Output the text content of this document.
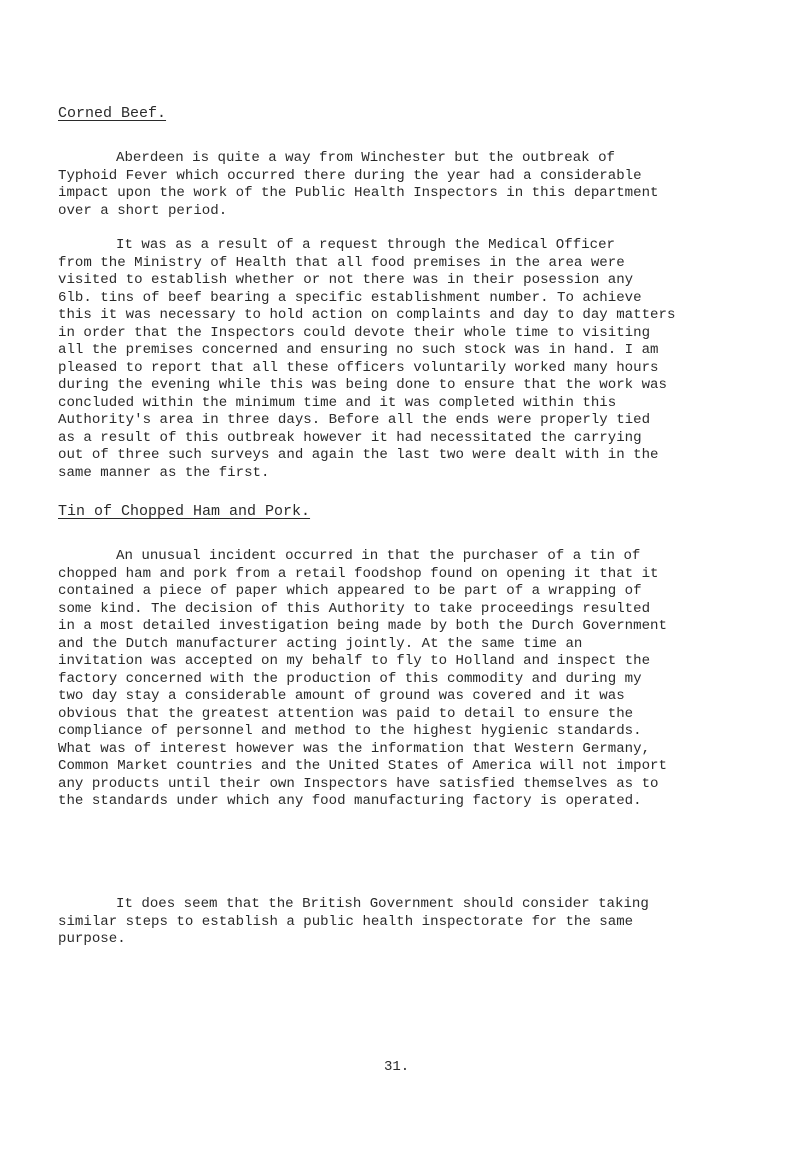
Corned Beef.

Aberdeen is quite a way from Winchester but the outbreak of
Typhoid Fever which occurred there during the year had a considerable
impact upon the work of the Public Health Inspectors in this department
over a short period.

It was as a result of a request through the Medical Officer
from the Ministry of Health that all food premises in the area were
visited to establish whether or not there was in their posession any
6lb. tins of beef bearing a specific establishment number. To achieve
this it was necessary to hold action on complaints and day to day matters
in order that the Inspectors could devote their whole time to visiting
all the premises concerned and ensuring no such stock was in hand. I am
pleased to report that all these officers voluntarily worked many hours
during the evening while this was being done to ensure that the work was
concluded within the minimum time and it was completed within this
Authority's area in three days. Before all the ends were properly tied
as a result of this outbreak however it had necessitated the carrying
out of three such surveys and again the last two were dealt with in the
same manner as the first.

Tin of Chopped Ham and Pork.

An unusual incident occurred in that the purchaser of a tin of
chopped ham and pork from a retail foodshop found on opening it that it
contained a piece of paper which appeared to be part of a wrapping of
some kind. The decision of this Authority to take proceedings resulted
in a most detailed investigation being made by both the Durch Government
and the Dutch manufacturer acting jointly. At the same time an
invitation was accepted on my behalf to fly to Holland and inspect the
factory concerned with the production of this commodity and during my
two day stay a considerable amount of ground was covered and it was
obvious that the greatest attention was paid to detail to ensure the
compliance of personnel and method to the highest hygienic standards.
What was of interest however was the information that Western Germany,
Common Market countries and the United States of America will not import
any products until their own Inspectors have satisfied themselves as to
the standards under which any food manufacturing factory is operated.

It does seem that the British Government should consider taking
similar steps to establish a public health inspectorate for the same
purpose.

31.
